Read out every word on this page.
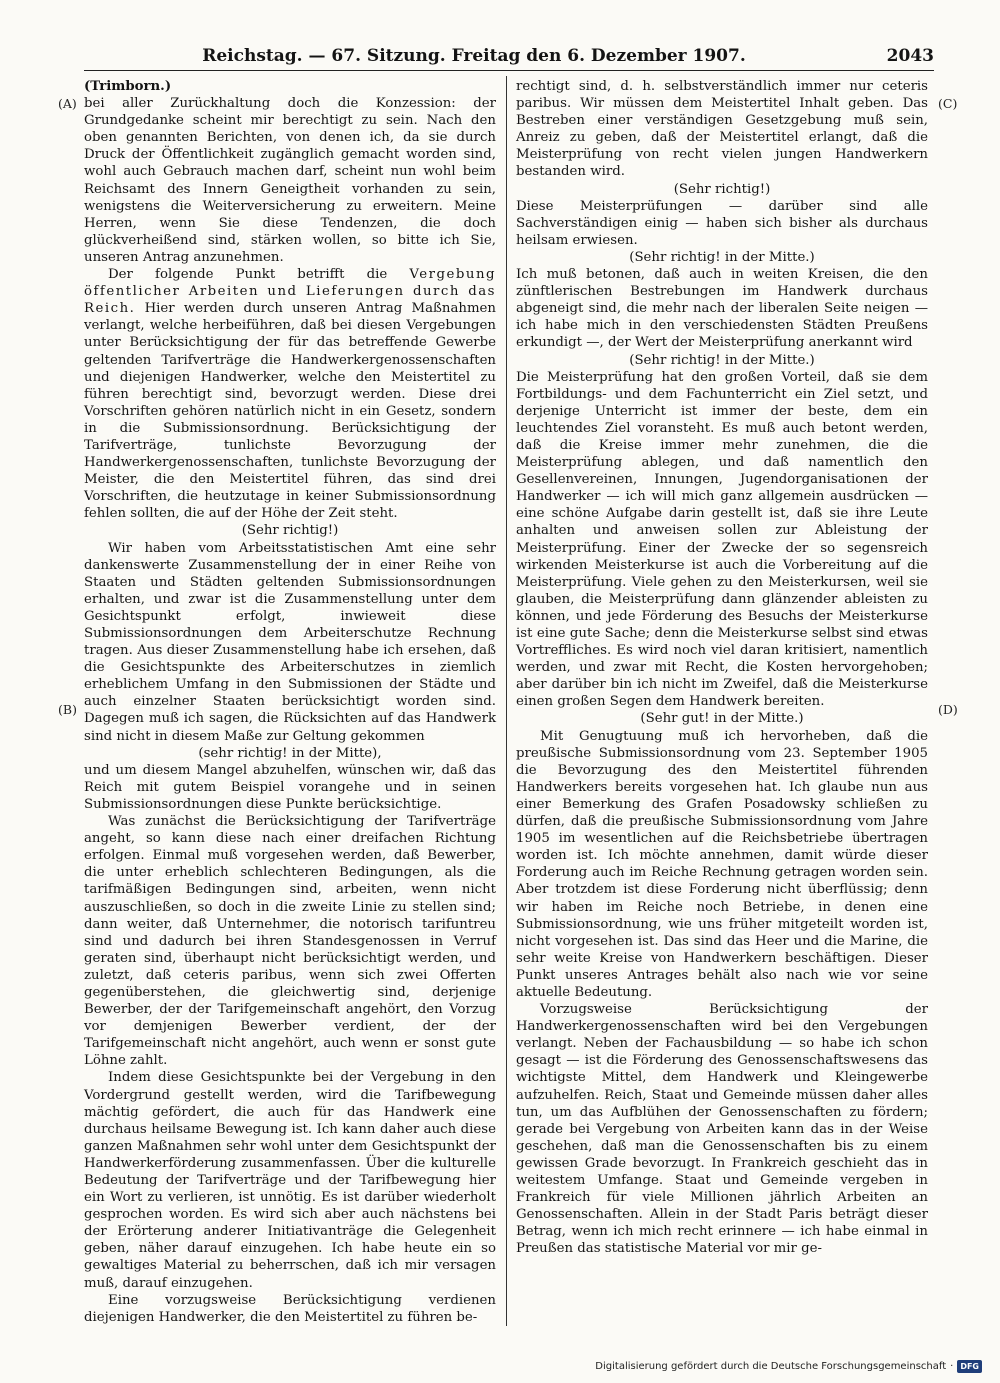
Reichstag. — 67. Sitzung. Freitag den 6. Dezember 1907.	2043
(A)
(B)
(C)
(D)

(Trimborn.)

bei aller Zurückhaltung doch die Konzession: der Grundgedanke scheint mir berechtigt zu sein. Nach den oben genannten Berichten, von denen ich, da sie durch Druck der Öffentlichkeit zugänglich gemacht worden sind, wohl auch Gebrauch machen darf, scheint nun wohl beim Reichsamt des Innern Geneigtheit vorhanden zu sein, wenigstens die Weiterversicherung zu erweitern. Meine Herren, wenn Sie diese Tendenzen, die doch glückverheißend sind, stärken wollen, so bitte ich Sie, unseren Antrag anzunehmen.

Der folgende Punkt betrifft die Vergebung öffentlicher Arbeiten und Lieferungen durch das Reich. Hier werden durch unseren Antrag Maßnahmen verlangt, welche herbeiführen, daß bei diesen Vergebungen unter Berücksichtigung der für das betreffende Gewerbe geltenden Tarifverträge die Handwerkergenossenschaften und diejenigen Handwerker, welche den Meistertitel zu führen berechtigt sind, bevorzugt werden. Diese drei Vorschriften gehören natürlich nicht in ein Gesetz, sondern in die Submissionsordnung. Berücksichtigung der Tarifverträge, tunlichste Bevorzugung der Handwerkergenossenschaften, tunlichste Bevorzugung der Meister, die den Meistertitel führen, das sind drei Vorschriften, die heutzutage in keiner Submissionsordnung fehlen sollten, die auf der Höhe der Zeit steht.

(Sehr richtig!)

Wir haben vom Arbeitsstatistischen Amt eine sehr dankenswerte Zusammenstellung der in einer Reihe von Staaten und Städten geltenden Submissionsordnungen erhalten, und zwar ist die Zusammenstellung unter dem Gesichtspunkt erfolgt, inwieweit diese Submissionsordnungen dem Arbeiterschutze Rechnung tragen. Aus dieser Zusammenstellung habe ich ersehen, daß die Gesichtspunkte des Arbeiterschutzes in ziemlich erheblichem Umfang in den Submissionen der Städte und auch einzelner Staaten berücksichtigt worden sind. Dagegen muß ich sagen, die Rücksichten auf das Handwerk sind nicht in diesem Maße zur Geltung gekommen

(sehr richtig! in der Mitte),

und um diesem Mangel abzuhelfen, wünschen wir, daß das Reich mit gutem Beispiel vorangehe und in seinen Submissionsordnungen diese Punkte berücksichtige.

Was zunächst die Berücksichtigung der Tarifverträge angeht, so kann diese nach einer dreifachen Richtung erfolgen. Einmal muß vorgesehen werden, daß Bewerber, die unter erheblich schlechteren Bedingungen, als die tarifmäßigen Bedingungen sind, arbeiten, wenn nicht auszuschließen, so doch in die zweite Linie zu stellen sind; dann weiter, daß Unternehmer, die notorisch tarifuntreu sind und dadurch bei ihren Standesgenossen in Verruf geraten sind, überhaupt nicht berücksichtigt werden, und zuletzt, daß ceteris paribus, wenn sich zwei Offerten gegenüberstehen, die gleichwertig sind, derjenige Bewerber, der der Tarifgemeinschaft angehört, den Vorzug vor demjenigen Bewerber verdient, der der Tarifgemeinschaft nicht angehört, auch wenn er sonst gute Löhne zahlt.

Indem diese Gesichtspunkte bei der Vergebung in den Vordergrund gestellt werden, wird die Tarifbewegung mächtig gefördert, die auch für das Handwerk eine durchaus heilsame Bewegung ist. Ich kann daher auch diese ganzen Maßnahmen sehr wohl unter dem Gesichtspunkt der Handwerkerförderung zusammenfassen. Über die kulturelle Bedeutung der Tarifverträge und der Tarifbewegung hier ein Wort zu verlieren, ist unnötig. Es ist darüber wiederholt gesprochen worden. Es wird sich aber auch nächstens bei der Erörterung anderer Initiativanträge die Gelegenheit geben, näher darauf einzugehen. Ich habe heute ein so gewaltiges Material zu beherrschen, daß ich mir versagen muß, darauf einzugehen.

Eine vorzugsweise Berücksichtigung verdienen diejenigen Handwerker, die den Meistertitel zu führen be-

rechtigt sind, d. h. selbstverständlich immer nur ceteris paribus. Wir müssen dem Meistertitel Inhalt geben. Das Bestreben einer verständigen Gesetzgebung muß sein, Anreiz zu geben, daß der Meistertitel erlangt, daß die Meisterprüfung von recht vielen jungen Handwerkern bestanden wird.

(Sehr richtig!)

Diese Meisterprüfungen — darüber sind alle Sachverständigen einig — haben sich bisher als durchaus heilsam erwiesen.

(Sehr richtig! in der Mitte.)

Ich muß betonen, daß auch in weiten Kreisen, die den zünftlerischen Bestrebungen im Handwerk durchaus abgeneigt sind, die mehr nach der liberalen Seite neigen — ich habe mich in den verschiedensten Städten Preußens erkundigt —, der Wert der Meisterprüfung anerkannt wird

(Sehr richtig! in der Mitte.)

Die Meisterprüfung hat den großen Vorteil, daß sie dem Fortbildungs- und dem Fachunterricht ein Ziel setzt, und derjenige Unterricht ist immer der beste, dem ein leuchtendes Ziel voransteht. Es muß auch betont werden, daß die Kreise immer mehr zunehmen, die die Meisterprüfung ablegen, und daß namentlich den Gesellenvereinen, Innungen, Jugendorganisationen der Handwerker — ich will mich ganz allgemein ausdrücken — eine schöne Aufgabe darin gestellt ist, daß sie ihre Leute anhalten und anweisen sollen zur Ableistung der Meisterprüfung. Einer der Zwecke der so segensreich wirkenden Meisterkurse ist auch die Vorbereitung auf die Meisterprüfung. Viele gehen zu den Meisterkursen, weil sie glauben, die Meisterprüfung dann glänzender ableisten zu können, und jede Förderung des Besuchs der Meisterkurse ist eine gute Sache; denn die Meisterkurse selbst sind etwas Vortreffliches. Es wird noch viel daran kritisiert, namentlich werden, und zwar mit Recht, die Kosten hervorgehoben; aber darüber bin ich nicht im Zweifel, daß die Meisterkurse einen großen Segen dem Handwerk bereiten.

(Sehr gut! in der Mitte.)

Mit Genugtuung muß ich hervorheben, daß die preußische Submissionsordnung vom 23. September 1905 die Bevorzugung des den Meistertitel führenden Handwerkers bereits vorgesehen hat. Ich glaube nun aus einer Bemerkung des Grafen Posadowsky schließen zu dürfen, daß die preußische Submissionsordnung vom Jahre 1905 im wesentlichen auf die Reichsbetriebe übertragen worden ist. Ich möchte annehmen, damit würde dieser Forderung auch im Reiche Rechnung getragen worden sein. Aber trotzdem ist diese Forderung nicht überflüssig; denn wir haben im Reiche noch Betriebe, in denen eine Submissionsordnung, wie uns früher mitgeteilt worden ist, nicht vorgesehen ist. Das sind das Heer und die Marine, die sehr weite Kreise von Handwerkern beschäftigen. Dieser Punkt unseres Antrages behält also nach wie vor seine aktuelle Bedeutung.

Vorzugsweise Berücksichtigung der Handwerkergenossenschaften wird bei den Vergebungen verlangt. Neben der Fachausbildung — so habe ich schon gesagt — ist die Förderung des Genossenschaftswesens das wichtigste Mittel, dem Handwerk und Kleingewerbe aufzuhelfen. Reich, Staat und Gemeinde müssen daher alles tun, um das Aufblühen der Genossenschaften zu fördern; gerade bei Vergebung von Arbeiten kann das in der Weise geschehen, daß man die Genossenschaften bis zu einem gewissen Grade bevorzugt. In Frankreich geschieht das in weitestem Umfange. Staat und Gemeinde vergeben in Frankreich für viele Millionen jährlich Arbeiten an Genossenschaften. Allein in der Stadt Paris beträgt dieser Betrag, wenn ich mich recht erinnere — ich habe einmal in Preußen das statistische Material vor mir ge-

Digitalisierung gefördert durch die Deutsche Forschungsgemeinschaft · DFG
